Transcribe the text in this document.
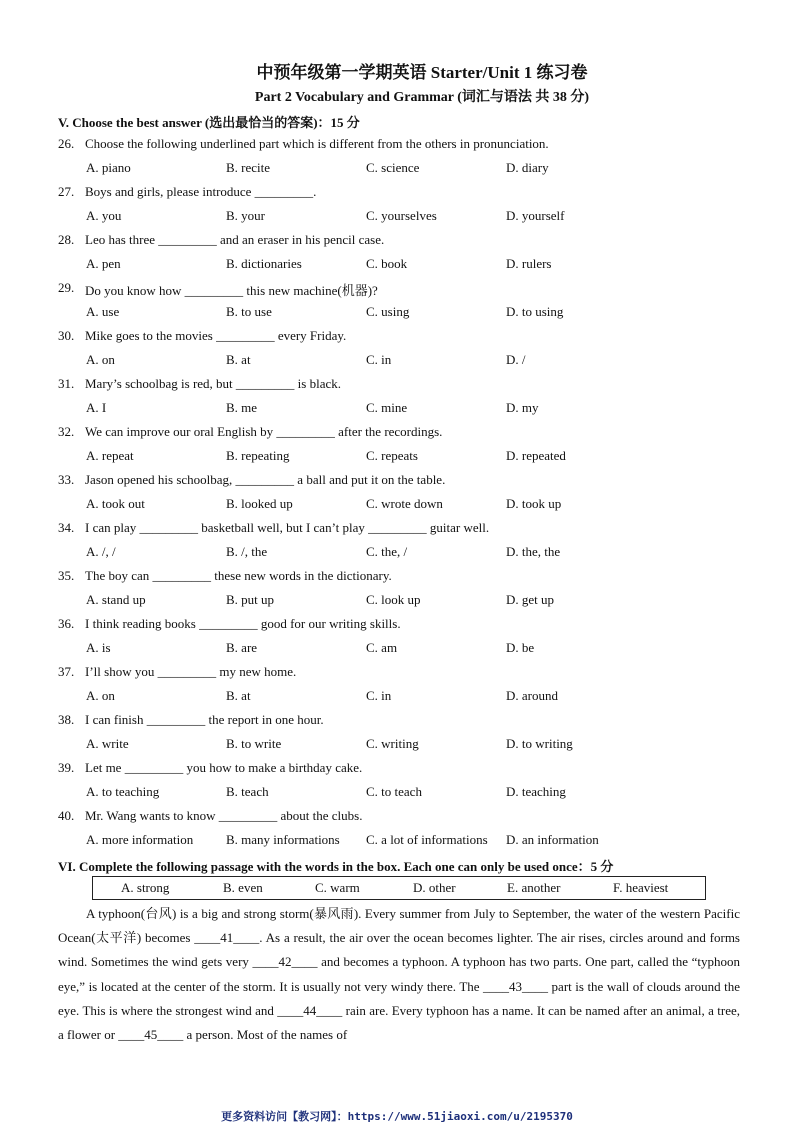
中预年级第一学期英语 Starter/Unit 1 练习卷
Part 2 Vocabulary and Grammar (词汇与语法 共 38 分)
V. Choose the best answer (选出最恰当的答案)：15 分
26. Choose the following underlined part which is different from the others in pronunciation.
A. piano	B. recite	C. science	D. diary
27. Boys and girls, please introduce _________.
A. you	B. your	C. yourselves	D. yourself
28. Leo has three _________ and an eraser in his pencil case.
A. pen	B. dictionaries	C. book	D. rulers
29. Do you know how _________ this new machine(机器)?
A. use	B. to use	C. using	D. to using
30. Mike goes to the movies _________ every Friday.
A. on	B. at	C. in	D. /
31. Mary’s schoolbag is red, but _________ is black.
A. I	B. me	C. mine	D. my
32. We can improve our oral English by _________ after the recordings.
A. repeat	B. repeating	C. repeats	D. repeated
33. Jason opened his schoolbag, _________ a ball and put it on the table.
A. took out	B. looked up	C. wrote down	D. took up
34. I can play _________ basketball well, but I can’t play _________ guitar well.
A. /, /	B. /, the	C. the, /	D. the, the
35. The boy can _________ these new words in the dictionary.
A. stand up	B. put up	C. look up	D. get up
36. I think reading books _________ good for our writing skills.
A. is	B. are	C. am	D. be
37. I’ll show you _________ my new home.
A. on	B. at	C. in	D. around
38. I can finish _________ the report in one hour.
A. write	B. to write	C. writing	D. to writing
39. Let me _________ you how to make a birthday cake.
A. to teaching	B. teach	C. to teach	D. teaching
40. Mr. Wang wants to know _________ about the clubs.
A. more information	B. many informations C. a lot of informations D. an information
VI. Complete the following passage with the words in the box. Each one can only be used once：5 分
A. strong	B. even	C. warm	D. other	E. another	F. heaviest
A typhoon(台风) is a big and strong storm(暴风雨). Every summer from July to September, the water of the western Pacific Ocean(太平洋) becomes ____41____. As a result, the air over the ocean becomes lighter. The air rises, circles around and forms wind. Sometimes the wind gets very ____42____ and becomes a typhoon. A typhoon has two parts. One part, called the “typhoon eye,” is located at the center of the storm. It is usually not very windy there. The ____43____ part is the wall of clouds around the eye. This is where the strongest wind and ____44____ rain are. Every typhoon has a name. It can be named after an animal, a tree, a flower or ____45____ a person. Most of the names of
更多资料访问【教习网】：https://www.51jiaoxi.com/u/2195370
